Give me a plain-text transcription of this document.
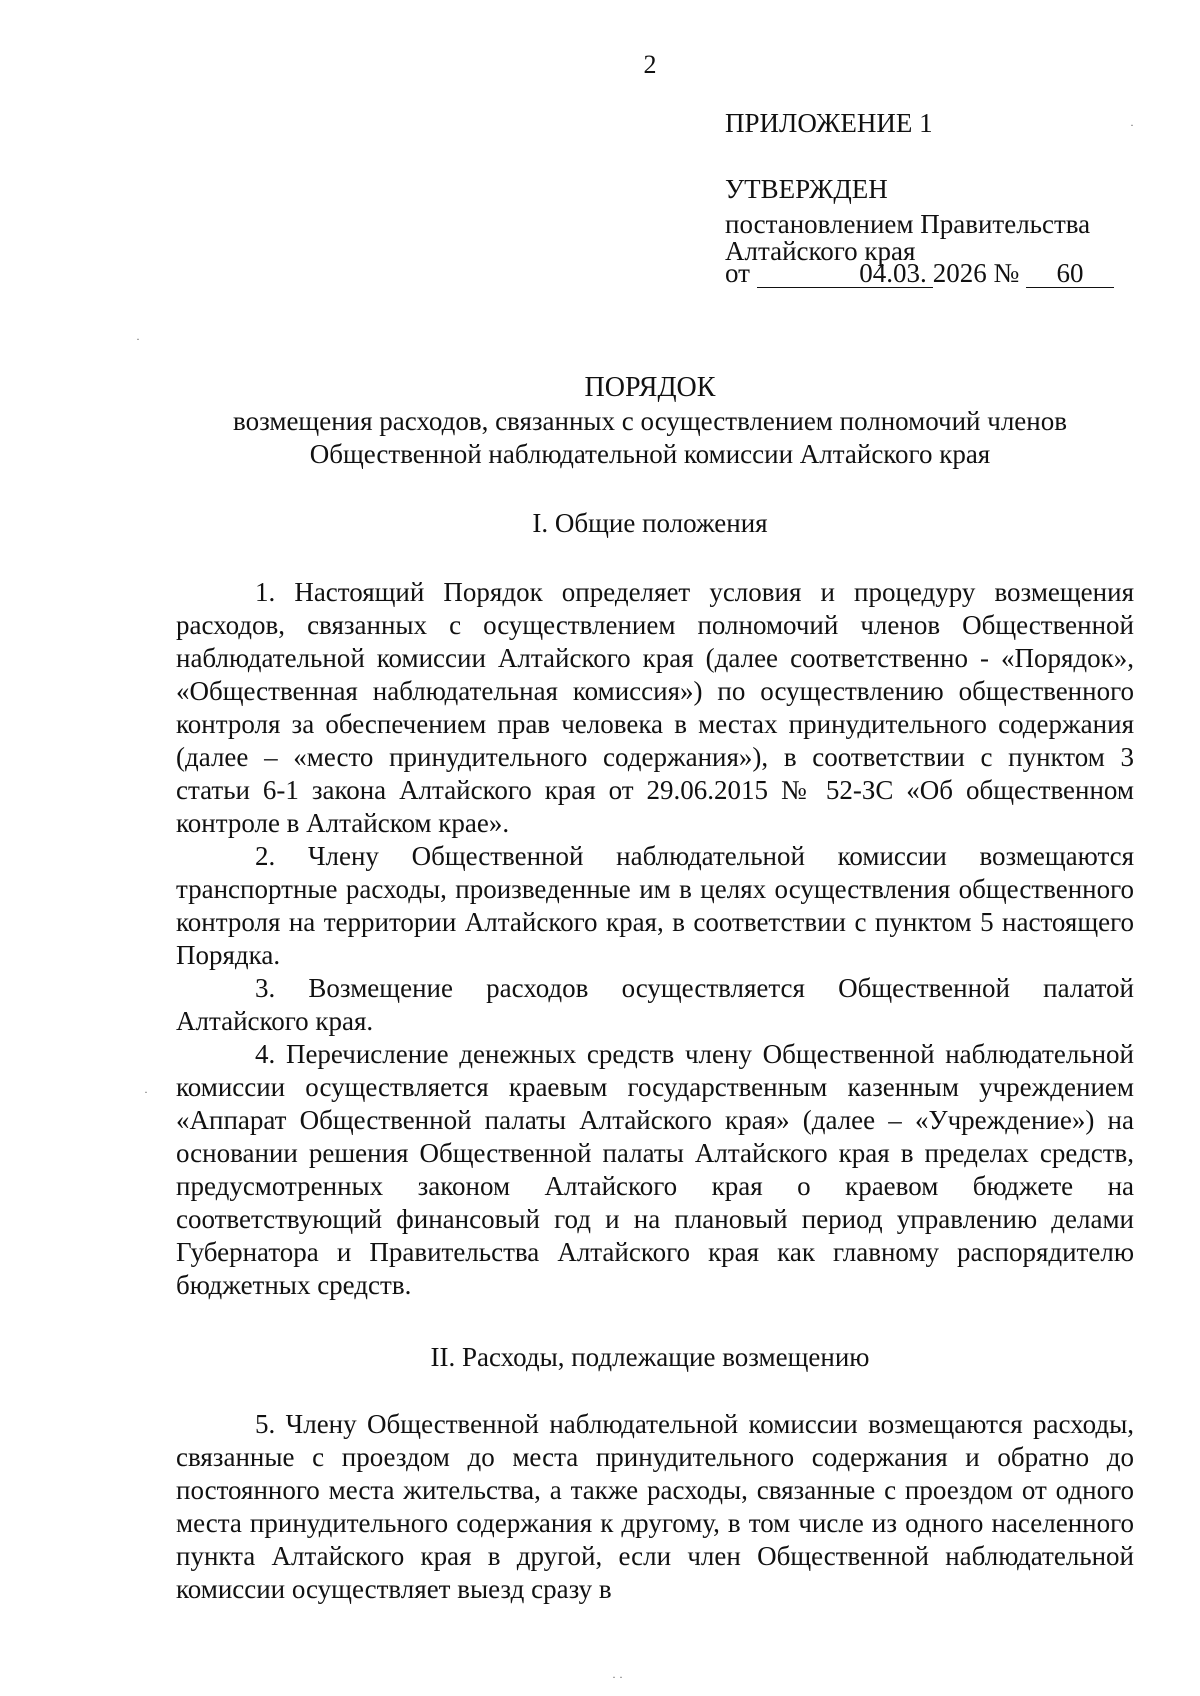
2
ПРИЛОЖЕНИЕ 1
УТВЕРЖДЕН
постановлением Правительства
Алтайского края
от	04.03. 2026 № 60
ПОРЯДОК
возмещения расходов, связанных с осуществлением полномочий членов
Общественной наблюдательной комиссии Алтайского края
I. Общие положения

1. Настоящий Порядок определяет условия и процедуру возмещения расходов, связанных с осуществлением полномочий членов Общественной наблюдательной комиссии Алтайского края (далее соответственно - «Порядок», «Общественная наблюдательная комиссия») по осуществлению общественного контроля за обеспечением прав человека в местах принудительного содержания (далее – «место принудительного содержания»), в соответствии с пунктом 3 статьи 6-1 закона Алтайского края от 29.06.2015 № 52-ЗС «Об общественном контроле в Алтайском крае».

2. Члену Общественной наблюдательной комиссии возмещаются транспортные расходы, произведенные им в целях осуществления общественного контроля на территории Алтайского края, в соответствии с пунктом 5 настоящего Порядка.

3. Возмещение расходов осуществляется Общественной палатой Алтайского края.

4. Перечисление денежных средств члену Общественной наблюдательной комиссии осуществляется краевым государственным казенным учреждением «Аппарат Общественной палаты Алтайского края» (далее – «Учреждение») на основании решения Общественной палаты Алтайского края в пределах средств, предусмотренных законом Алтайского края о краевом бюджете на соответствующий финансовый год и на плановый период управлению делами Губернатора и Правительства Алтайского края как главному распорядителю бюджетных средств.

II. Расходы, подлежащие возмещению

5. Члену Общественной наблюдательной комиссии возмещаются расходы, связанные с проездом до места принудительного содержания и обратно до постоянного места жительства, а также расходы, связанные с проездом от одного места принудительного содержания к другому, в том числе из одного населенного пункта Алтайского края в другой, если член Общественной наблюдательной комиссии осуществляет выезд сразу в

·
·
·
· ·
